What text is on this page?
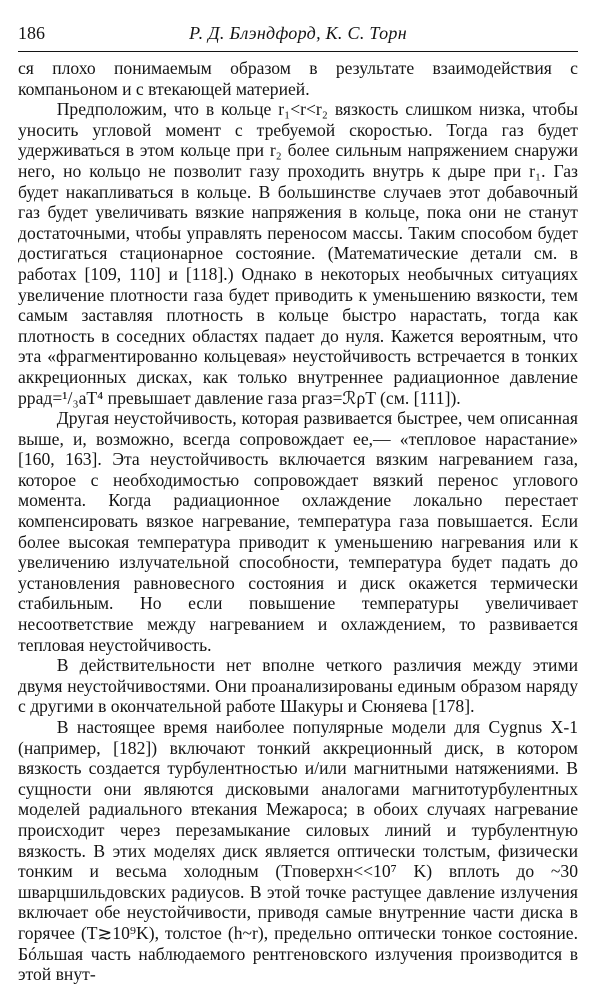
186	Р. Д. Блэндфорд, К. С. Торн

ся плохо понимаемым образом в результате взаимодействия с компаньоном и с втекающей материей.

Предположим, что в кольце r₁<r<r₂ вязкость слишком низка, чтобы уносить угловой момент с требуемой скоростью. Тогда газ будет удерживаться в этом кольце при r₂ более сильным напряжением снаружи него, но кольцо не позволит газу проходить внутрь к дыре при r₁. Газ будет накапливаться в кольце. В большинстве случаев этот добавочный газ будет увеличивать вязкие напряжения в кольце, пока они не станут достаточными, чтобы управлять переносом массы. Таким способом будет достигаться стационарное состояние. (Математические детали см. в работах [109, 110] и [118].) Однако в некоторых необычных ситуациях увеличение плотности газа будет приводить к уменьшению вязкости, тем самым заставляя плотность в кольце быстро нарастать, тогда как плотность в соседних областях падает до нуля. Кажется вероятным, что эта «фрагментированно кольцевая» неустойчивость встречается в тонких аккреционных дисках, как только внутреннее радиационное давление pрад=¹/₃aT⁴ превышает давление газа pгаз=ℛρT (см. [111]).

Другая неустойчивость, которая развивается быстрее, чем описанная выше, и, возможно, всегда сопровождает ее,— «тепловое нарастание» [160, 163]. Эта неустойчивость включается вязким нагреванием газа, которое с необходимостью сопровождает вязкий перенос углового момента. Когда радиационное охлаждение локально перестает компенсировать вязкое нагревание, температура газа повышается. Если более высокая температура приводит к уменьшению нагревания или к увеличению излучательной способности, температура будет падать до установления равновесного состояния и диск окажется термически стабильным. Но если повышение температуры увеличивает несоответствие между нагреванием и охлаждением, то развивается тепловая неустойчивость.

В действительности нет вполне четкого различия между этими двумя неустойчивостями. Они проанализированы единым образом наряду с другими в окончательной работе Шакуры и Сюняева [178].

В настоящее время наиболее популярные модели для Cygnus X-1 (например, [182]) включают тонкий аккреционный диск, в котором вязкость создается турбулентностью и/или магнитными натяжениями. В сущности они являются дисковыми аналогами магнитотурбулентных моделей радиального втекания Межароса; в обоих случаях нагревание происходит через перезамыкание силовых линий и турбулентную вязкость. В этих моделях диск является оптически толстым, физически тонким и весьма холодным (Tповерхн<<10⁷ K) вплоть до ~30 шварцшильдовских радиусов. В этой точке растущее давление излучения включает обе неустойчивости, приводя самые внутренние части диска в горячее (T≳10⁹K), толстое (h~r), предельно оптически тонкое состояние. Бóльшая часть наблюдаемого рентгеновского излучения производится в этой внут-
